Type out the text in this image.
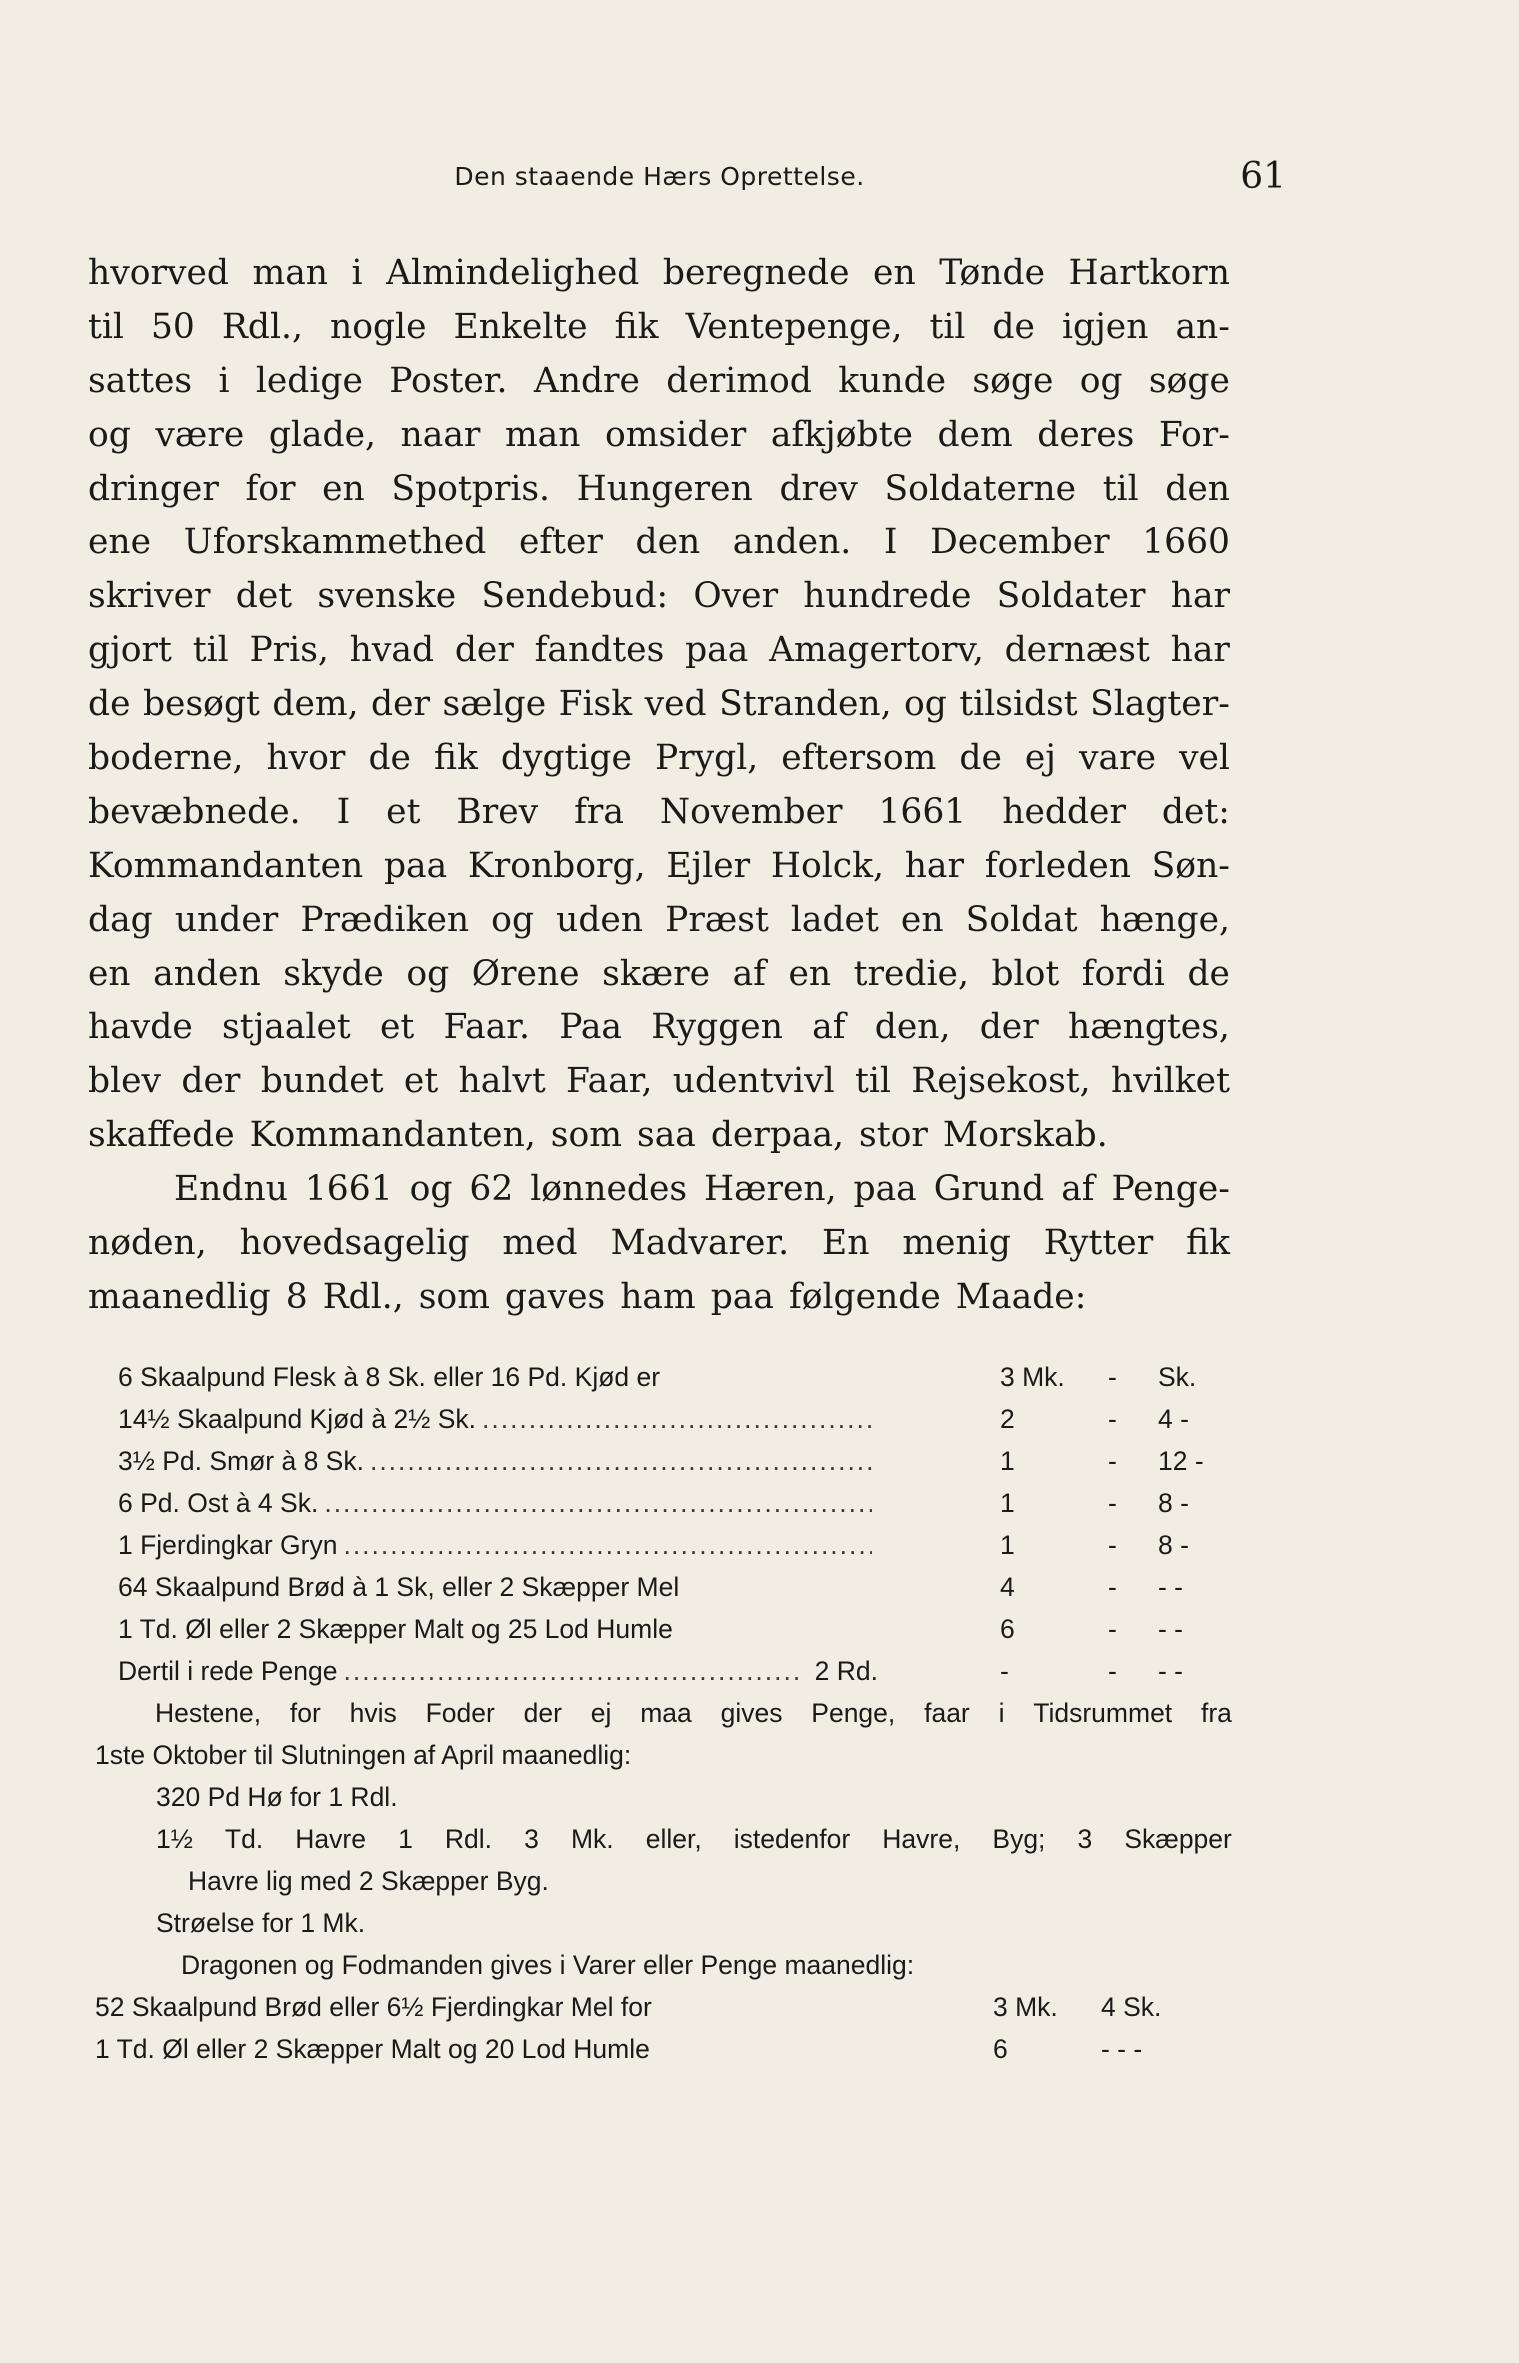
Den staaende Hærs Oprettelse.	61
hvorved man i Almindelighed beregnede en Tønde Hartkorn
til 50 Rdl., nogle Enkelte fik Ventepenge, til de igjen an-
sattes i ledige Poster. Andre derimod kunde søge og søge
og være glade, naar man omsider afkjøbte dem deres For-
dringer for en Spotpris. Hungeren drev Soldaterne til den
ene Uforskammethed efter den anden. I December 1660
skriver det svenske Sendebud: Over hundrede Soldater har
gjort til Pris, hvad der fandtes paa Amagertorv, dernæst har
de besøgt dem, der sælge Fisk ved Stranden, og tilsidst Slagter-
boderne, hvor de fik dygtige Prygl, eftersom de ej vare vel
bevæbnede. I et Brev fra November 1661 hedder det:
Kommandanten paa Kronborg, Ejler Holck, har forleden Søn-
dag under Prædiken og uden Præst ladet en Soldat hænge,
en anden skyde og Ørene skære af en tredie, blot fordi de
havde stjaalet et Faar. Paa Ryggen af den, der hængtes,
blev der bundet et halvt Faar, udentvivl til Rejsekost, hvilket
skaffede Kommandanten, som saa derpaa, stor Morskab.
Endnu 1661 og 62 lønnedes Hæren, paa Grund af Penge-
nøden, hovedsagelig med Madvarer. En menig Rytter fik
maanedlig 8 Rdl., som gaves ham paa følgende Maade:
6 Skaalpund Flesk à 8 Sk. eller 16 Pd. Kjød er	3 Mk. - Sk.
14½ Skaalpund Kjød à 2½ Sk. .....	2	- 4 -
3½ Pd. Smør à 8 Sk. .....	1	- 12 -
6 Pd. Ost à 4 Sk. .....	1	- 8 -
1 Fjerdingkar Gryn .....	1	- 8 -
64 Skaalpund Brød à 1 Sk, eller 2 Skæpper Mel	4	- - -
1 Td. Øl eller 2 Skæpper Malt og 25 Lod Humle	6	- - -
Dertil i rede Penge .....	2 Rd.	-	- - -
Hestene, for hvis Foder der ej maa gives Penge, faar i Tidsrummet fra
1ste Oktober til Slutningen af April maanedlig:
320 Pd Hø for 1 Rdl.
1½ Td. Havre 1 Rdl. 3 Mk. eller, istedenfor Havre, Byg; 3 Skæpper
Havre lig med 2 Skæpper Byg.
Strøelse for 1 Mk.
Dragonen og Fodmanden gives i Varer eller Penge maanedlig:
52 Skaalpund Brød eller 6½ Fjerdingkar Mel for	3 Mk. 4 Sk.
1 Td. Øl eller 2 Skæpper Malt og 20 Lod Humle	6	- - -
